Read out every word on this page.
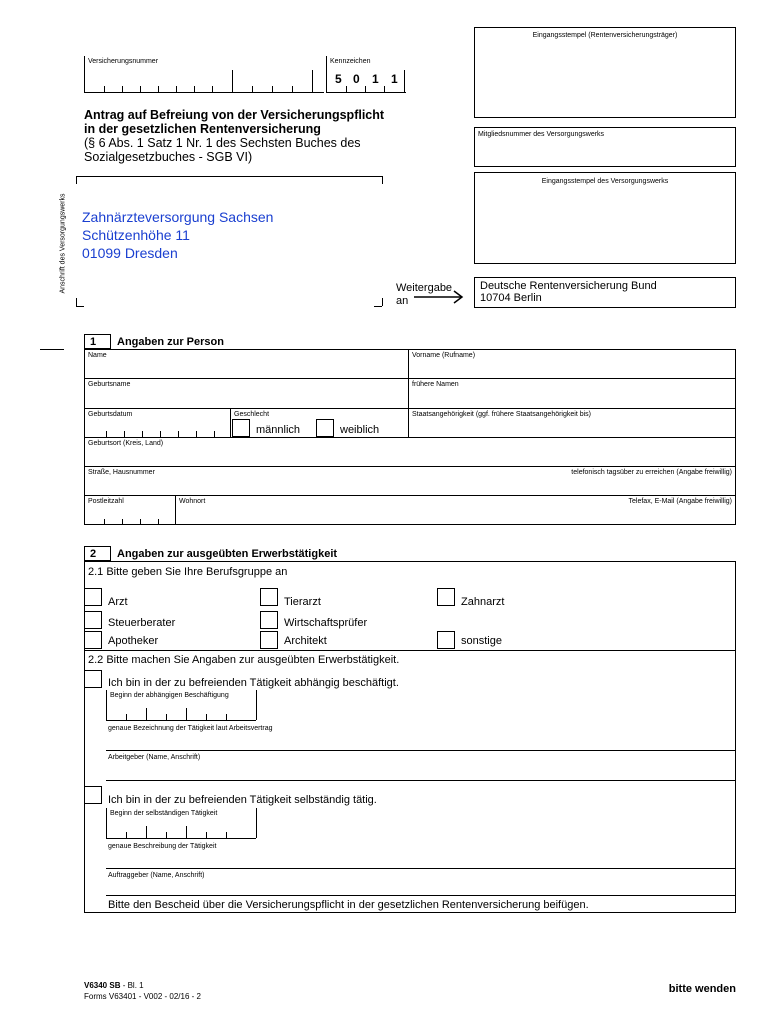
Eingangsstempel (Rentenversicherungsträger)
Versicherungsnummer	Kennzeichen
5 0 1 1
Antrag auf Befreiung von der Versicherungspflicht
in der gesetzlichen Rentenversicherung
(§ 6 Abs. 1 Satz 1 Nr. 1 des Sechsten Buches des
Sozialgesetzbuches - SGB VI)
Mitgliedsnummer des Versorgungswerks
Eingangsstempel des Versorgungswerks
Anschrift des Versorgungswerks Zahnärzteversorgung Sachsen
Schützenhöhe 11
01099 Dresden
Weitergabe
an
Deutsche Rentenversicherung Bund
10704 Berlin
1 Angaben zur Person
Name	Vorname (Rufname)
Geburtsname	frühere Namen
Geburtsdatum	Geschlecht
männlich	weiblich
Staatsangehörigkeit (ggf. frühere Staatsangehörigkeit bis)
Geburtsort (Kreis, Land)
Straße, Hausnummer	telefonisch tagsüber zu erreichen (Angabe freiwillig)
Postleitzahl	Wohnort	Telefax, E-Mail (Angabe freiwillig)
2 Angaben zur ausgeübten Erwerbstätigkeit
2.1 Bitte geben Sie Ihre Berufsgruppe an
Arzt	Tierarzt	Zahnarzt
Steuerberater	Wirtschaftsprüfer
Apotheker	Architekt	sonstige
2.2 Bitte machen Sie Angaben zur ausgeübten Erwerbstätigkeit.
Ich bin in der zu befreienden Tätigkeit abhängig beschäftigt.
Beginn der abhängigen Beschäftigung
genaue Bezeichnung der Tätigkeit laut Arbeitsvertrag
Arbeitgeber (Name, Anschrift)
Ich bin in der zu befreienden Tätigkeit selbständig tätig.
Beginn der selbständigen Tätigkeit
genaue Beschreibung der Tätigkeit
Auftraggeber (Name, Anschrift)
Bitte den Bescheid über die Versicherungspflicht in der gesetzlichen Rentenversicherung beifügen.
V6340 SB - Bl. 1
Forms V63401 - V002 - 02/16 - 2
bitte wenden
